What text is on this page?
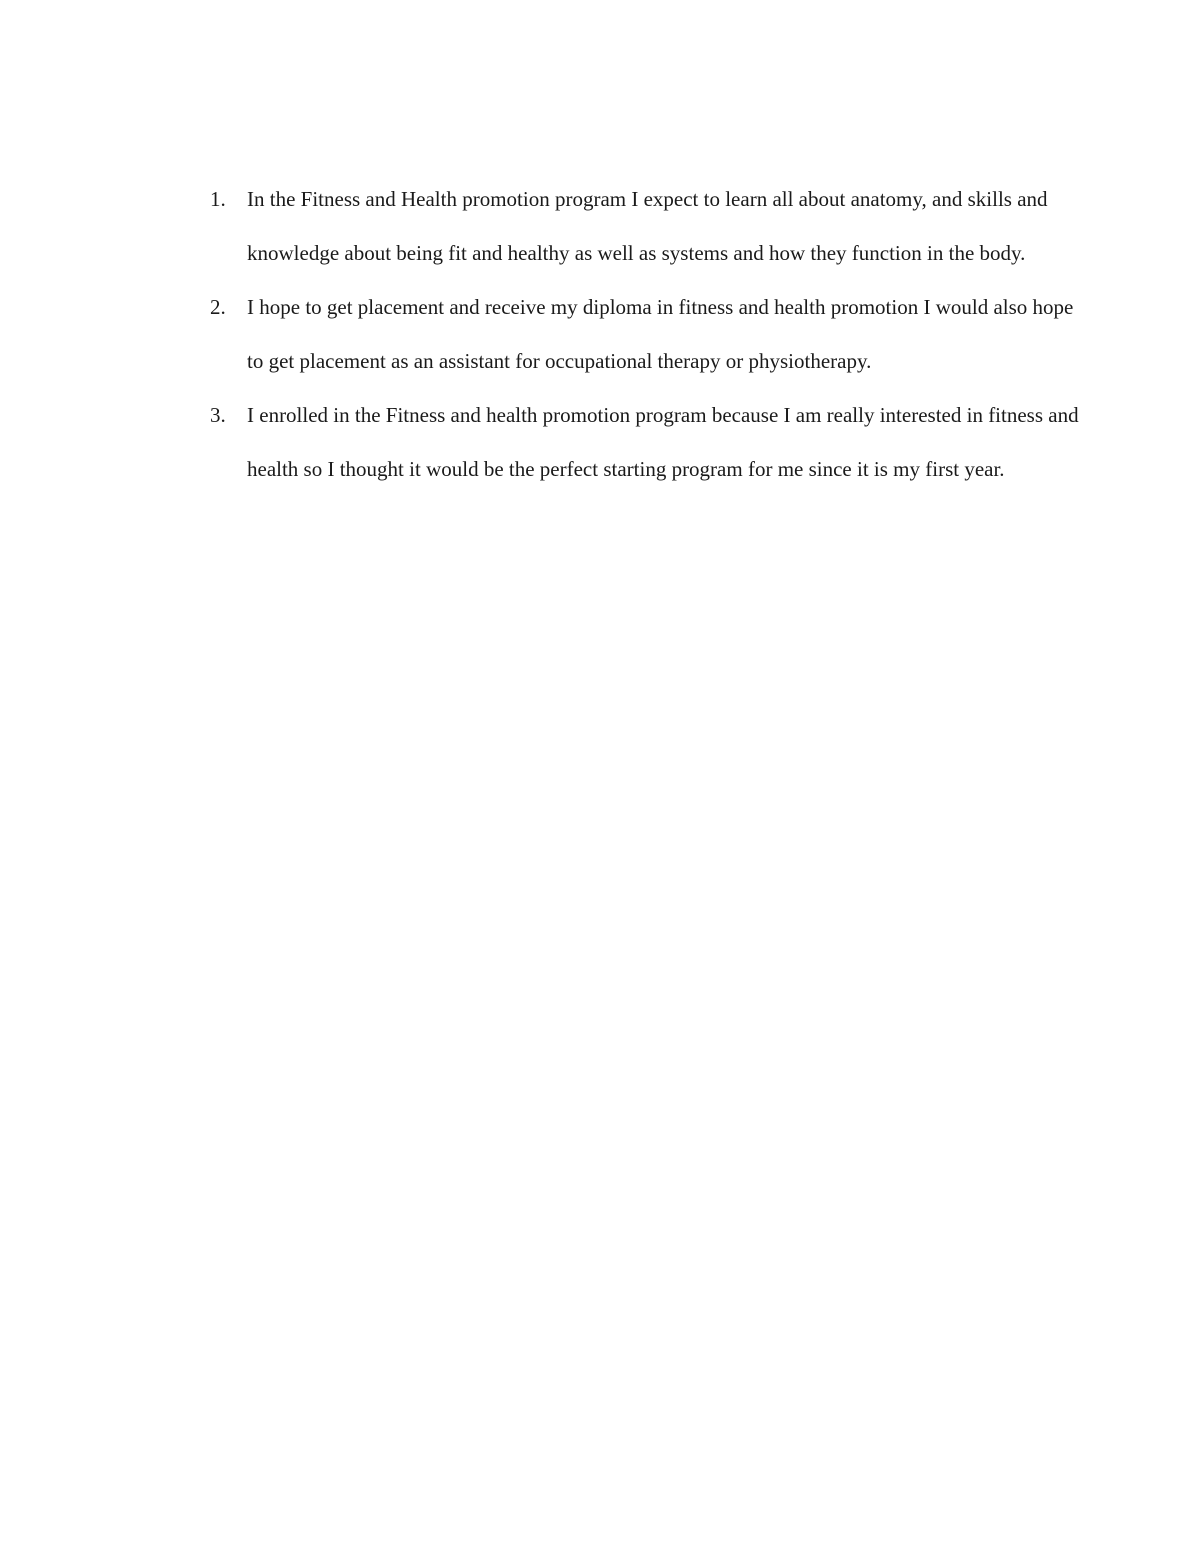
1. In the Fitness and Health promotion program I expect to learn all about anatomy, and skills and knowledge about being fit and healthy as well as systems and how they function in the body.
2. I hope to get placement and receive my diploma in fitness and health promotion I would also hope to get placement as an assistant for occupational therapy or physiotherapy.
3. I enrolled in the Fitness and health promotion program because I am really interested in fitness and health so I thought it would be the perfect starting program for me since it is my first year.
